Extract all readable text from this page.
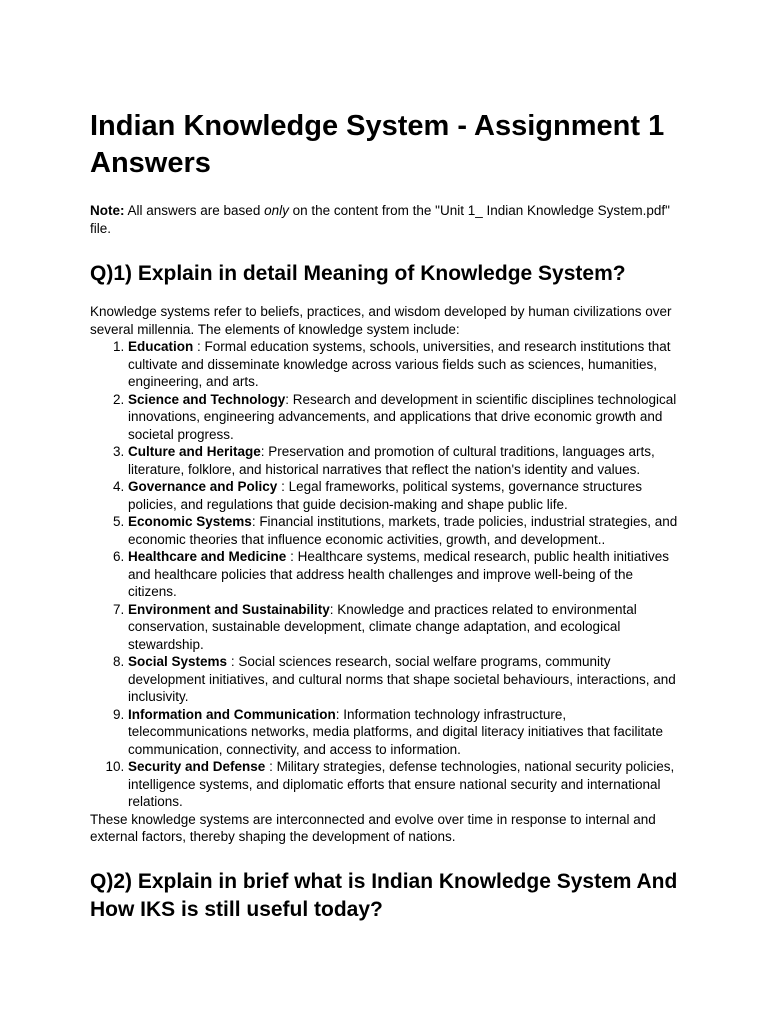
Indian Knowledge System - Assignment 1 Answers

Note: All answers are based only on the content from the "Unit 1_ Indian Knowledge System.pdf" file.

Q)1) Explain in detail Meaning of Knowledge System?

Knowledge systems refer to beliefs, practices, and wisdom developed by human civilizations over several millennia. The elements of knowledge system include:

1. Education : Formal education systems, schools, universities, and research institutions that cultivate and disseminate knowledge across various fields such as sciences, humanities, engineering, and arts.
2. Science and Technology: Research and development in scientific disciplines technological innovations, engineering advancements, and applications that drive economic growth and societal progress.
3. Culture and Heritage: Preservation and promotion of cultural traditions, languages arts, literature, folklore, and historical narratives that reflect the nation's identity and values.
4. Governance and Policy : Legal frameworks, political systems, governance structures policies, and regulations that guide decision-making and shape public life.
5. Economic Systems: Financial institutions, markets, trade policies, industrial strategies, and economic theories that influence economic activities, growth, and development..
6. Healthcare and Medicine : Healthcare systems, medical research, public health initiatives and healthcare policies that address health challenges and improve well-being of the citizens.
7. Environment and Sustainability: Knowledge and practices related to environmental conservation, sustainable development, climate change adaptation, and ecological stewardship.
8. Social Systems : Social sciences research, social welfare programs, community development initiatives, and cultural norms that shape societal behaviours, interactions, and inclusivity.
9. Information and Communication: Information technology infrastructure, telecommunications networks, media platforms, and digital literacy initiatives that facilitate communication, connectivity, and access to information.
10. Security and Defense : Military strategies, defense technologies, national security policies, intelligence systems, and diplomatic efforts that ensure national security and international relations.

These knowledge systems are interconnected and evolve over time in response to internal and external factors, thereby shaping the development of nations.

Q)2) Explain in brief what is Indian Knowledge System And How IKS is still useful today?
